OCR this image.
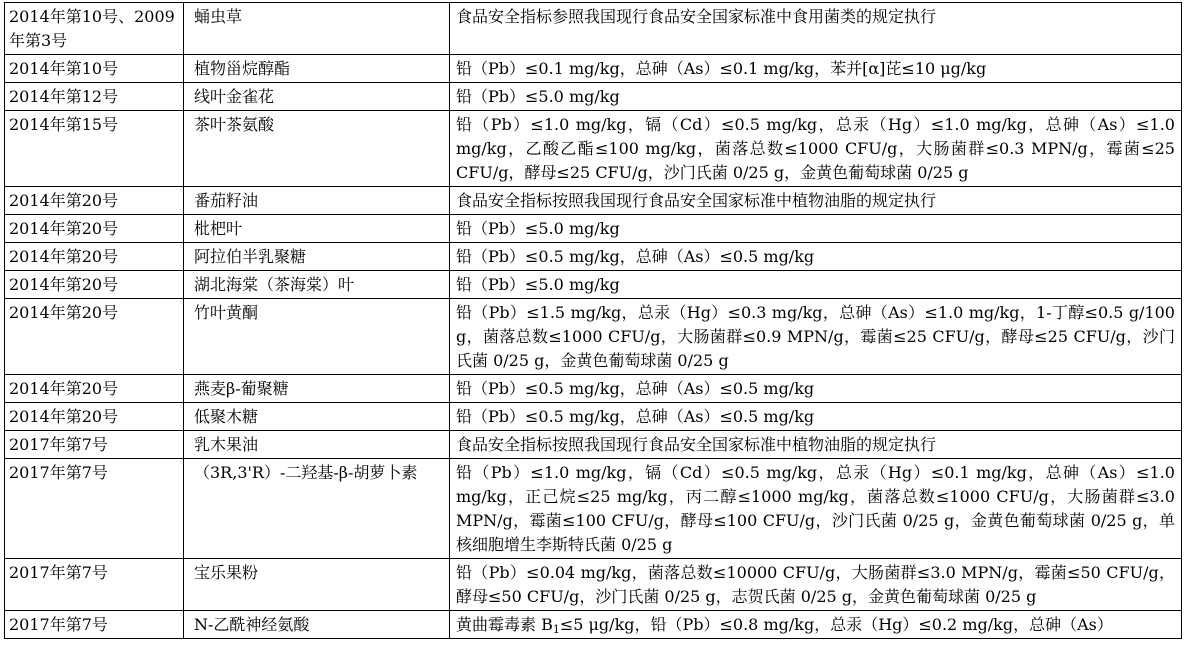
2014年第10号、2009年第3号	蛹虫草	食品安全指标参照我国现行食品安全国家标准中食用菌类的规定执行
2014年第10号	植物甾烷醇酯	铅（Pb）≤0.1 mg/kg，总砷（As）≤0.1 mg/kg，苯并[α]芘≤10 μg/kg
2014年第12号	线叶金雀花	铅（Pb）≤5.0 mg/kg
2014年第15号	茶叶茶氨酸	铅（Pb）≤1.0 mg/kg，镉（Cd）≤0.5 mg/kg，总汞（Hg）≤1.0 mg/kg，总砷（As）≤1.0 mg/kg，乙酸乙酯≤100 mg/kg，菌落总数≤1000 CFU/g，大肠菌群≤0.3 MPN/g，霉菌≤25 CFU/g，酵母≤25 CFU/g，沙门氏菌 0/25 g，金黄色葡萄球菌 0/25 g
2014年第20号	番茄籽油	食品安全指标按照我国现行食品安全国家标准中植物油脂的规定执行
2014年第20号	枇杷叶	铅（Pb）≤5.0 mg/kg
2014年第20号	阿拉伯半乳聚糖	铅（Pb）≤0.5 mg/kg，总砷（As）≤0.5 mg/kg
2014年第20号	湖北海棠（茶海棠）叶	铅（Pb）≤5.0 mg/kg
2014年第20号	竹叶黄酮	铅（Pb）≤1.5 mg/kg，总汞（Hg）≤0.3 mg/kg，总砷（As）≤1.0 mg/kg，1-丁醇≤0.5 g/100 g，菌落总数≤1000 CFU/g，大肠菌群≤0.9 MPN/g，霉菌≤25 CFU/g，酵母≤25 CFU/g，沙门氏菌 0/25 g，金黄色葡萄球菌 0/25 g
2014年第20号	燕麦β-葡聚糖	铅（Pb）≤0.5 mg/kg，总砷（As）≤0.5 mg/kg
2014年第20号	低聚木糖	铅（Pb）≤0.5 mg/kg，总砷（As）≤0.5 mg/kg
2017年第7号	乳木果油	食品安全指标按照我国现行食品安全国家标准中植物油脂的规定执行
2017年第7号	（3R,3'R）-二羟基-β-胡萝卜素	铅（Pb）≤1.0 mg/kg，镉（Cd）≤0.5 mg/kg，总汞（Hg）≤0.1 mg/kg，总砷（As）≤1.0 mg/kg，正己烷≤25 mg/kg，丙二醇≤1000 mg/kg，菌落总数≤1000 CFU/g，大肠菌群≤3.0 MPN/g，霉菌≤100 CFU/g，酵母≤100 CFU/g，沙门氏菌 0/25 g，金黄色葡萄球菌 0/25 g，单核细胞增生李斯特氏菌 0/25 g
2017年第7号	宝乐果粉	铅（Pb）≤0.04 mg/kg，菌落总数≤10000 CFU/g，大肠菌群≤3.0 MPN/g，霉菌≤50 CFU/g，酵母≤50 CFU/g，沙门氏菌 0/25 g，志贺氏菌 0/25 g，金黄色葡萄球菌 0/25 g
2017年第7号	N-乙酰神经氨酸	黄曲霉毒素 $B_1\le 5$ μg/kg，铅（Pb）≤0.8 mg/kg，总汞（Hg）≤0.2 mg/kg，总砷（As）
